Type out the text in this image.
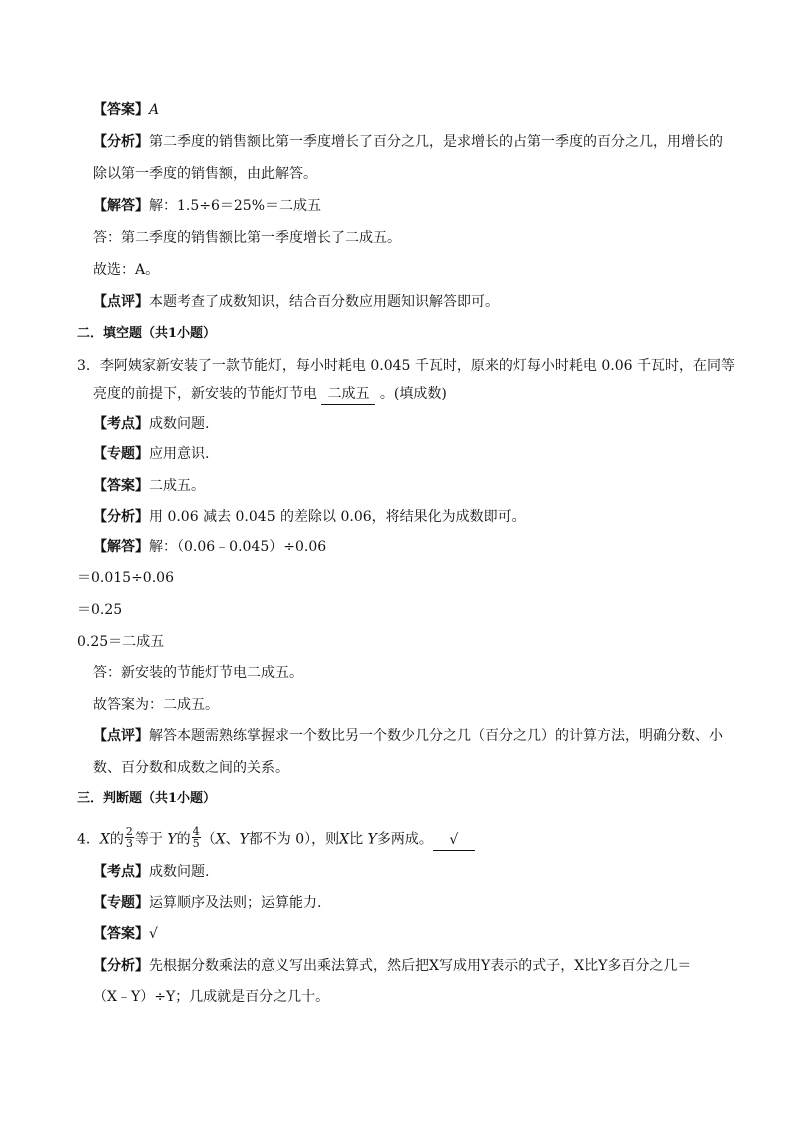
【答案】A
【分析】第二季度的销售额比第一季度增长了百分之几，是求增长的占第一季度的百分之几，用增长的
除以第一季度的销售额，由此解答。
【解答】解：1.5÷6＝25%＝二成五
答：第二季度的销售额比第一季度增长了二成五。
故选：A。
【点评】本题考查了成数知识，结合百分数应用题知识解答即可。
二．填空题（共1小题）
3．李阿姨家新安装了一款节能灯，每小时耗电 0.045 千瓦时，原来的灯每小时耗电 0.06 千瓦时，在同等
亮度的前提下，新安装的节能灯节电 二成五 。(填成数)
【考点】成数问题.
【专题】应用意识.
【答案】二成五。
【分析】用 0.06 减去 0.045 的差除以 0.06，将结果化为成数即可。
【解答】解：（0.06﹣0.045）÷0.06
＝0.015÷0.06
＝0.25
0.25＝二成五
答：新安装的节能灯节电二成五。
故答案为：二成五。
【点评】解答本题需熟练掌握求一个数比另一个数少几分之几（百分之几）的计算方法，明确分数、小
数、百分数和成数之间的关系。
三．判断题（共1小题）
4．X的 $\frac{2}{3}$ 等于 Y的 $\frac{4}{5} (X$、Y都不为 0），则X比 Y多两成。 √
【考点】成数问题.
【专题】运算顺序及法则；运算能力.
【答案】√
【分析】先根据分数乘法的意义写出乘法算式，然后把X写成用Y表示的式子，X比Y多百分之几＝
（X﹣Y）÷Y；几成就是百分之几十。
